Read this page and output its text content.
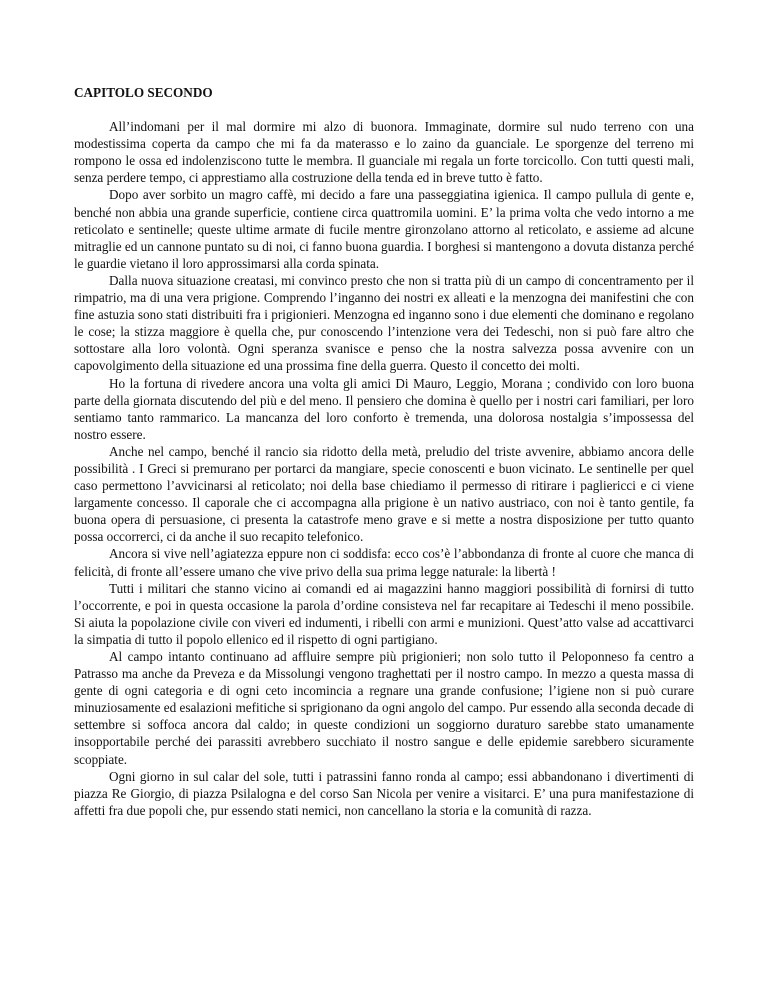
CAPITOLO SECONDO

All’indomani per il mal dormire mi alzo di buonora. Immaginate, dormire sul nudo terreno con una modestissima coperta da campo che mi fa da materasso e lo zaino da guanciale. Le sporgenze del terreno mi rompono le ossa ed indolenziscono tutte le membra. Il guanciale mi regala un forte torcicollo. Con tutti questi mali, senza perdere tempo, ci apprestiamo alla costruzione della tenda ed in breve tutto è fatto.

Dopo aver sorbito un magro caffè, mi decido a fare una passeggiatina igienica. Il campo pullula di gente e, benché non abbia una grande superficie, contiene circa quattromila uomini. E’ la prima volta che vedo intorno a me reticolato e sentinelle; queste ultime armate di fucile mentre gironzolano attorno al reticolato, e assieme ad alcune mitraglie ed un cannone puntato su di noi, ci fanno buona guardia. I borghesi si mantengono a dovuta distanza perché le guardie vietano il loro approssimarsi alla corda spinata.

Dalla nuova situazione creatasi, mi convinco presto che non si tratta più di un campo di concentramento per il rimpatrio, ma di una vera prigione. Comprendo l’inganno dei nostri ex alleati e la menzogna dei manifestini che con fine astuzia sono stati distribuiti fra i prigionieri. Menzogna ed inganno sono i due elementi che dominano e regolano le cose; la stizza maggiore è quella che, pur conoscendo l’intenzione vera dei Tedeschi, non si può fare altro che sottostare alla loro volontà. Ogni speranza svanisce e penso che la nostra salvezza possa avvenire con un capovolgimento della situazione ed una prossima fine della guerra. Questo il concetto dei molti.

Ho la fortuna di rivedere ancora una volta gli amici Di Mauro, Leggio, Morana ; condivido con loro buona parte della giornata discutendo del più e del meno. Il pensiero che domina è quello per i nostri cari familiari, per loro sentiamo tanto rammarico. La mancanza del loro conforto è tremenda, una dolorosa nostalgia s’impossessa del nostro essere.

Anche nel campo, benché il rancio sia ridotto della metà, preludio del triste avvenire, abbiamo ancora delle possibilità . I Greci si premurano per portarci da mangiare, specie conoscenti e buon vicinato. Le sentinelle per quel caso permettono l’avvicinarsi al reticolato; noi della base chiediamo il permesso di ritirare i pagliericci e ci viene largamente concesso. Il caporale che ci accompagna alla prigione è un nativo austriaco, con noi è tanto gentile, fa buona opera di persuasione, ci presenta la catastrofe meno grave e si mette a nostra disposizione per tutto quanto possa occorrerci, ci da anche il suo recapito telefonico.

Ancora si vive nell’agiatezza eppure non ci soddisfa: ecco cos’è l’abbondanza di fronte al cuore che manca di felicità, di fronte all’essere umano che vive privo della sua prima legge naturale: la libertà !

Tutti i militari che stanno vicino ai comandi ed ai magazzini hanno maggiori possibilità di fornirsi di tutto l’occorrente, e poi in questa occasione la parola d’ordine consisteva nel far recapitare ai Tedeschi il meno possibile. Si aiuta la popolazione civile con viveri ed indumenti, i ribelli con armi e munizioni. Quest’atto valse ad accattivarci la simpatia di tutto il popolo ellenico ed il rispetto di ogni partigiano.

Al campo intanto continuano ad affluire sempre più prigionieri; non solo tutto il Peloponneso fa centro a Patrasso ma anche da Preveza e da Missolungi vengono traghettati per il nostro campo. In mezzo a questa massa di gente di ogni categoria e di ogni ceto incomincia a regnare una grande confusione; l’igiene non si può curare minuziosamente ed esalazioni mefitiche si sprigionano da ogni angolo del campo. Pur essendo alla seconda decade di settembre si soffoca ancora dal caldo; in queste condizioni un soggiorno duraturo sarebbe stato umanamente insopportabile perché dei parassiti avrebbero succhiato il nostro sangue e delle epidemie sarebbero sicuramente scoppiate.

Ogni giorno in sul calar del sole, tutti i patrassini fanno ronda al campo; essi abbandonano i divertimenti di piazza Re Giorgio, di piazza Psilalogna e del corso San Nicola per venire a visitarci. E’ una pura manifestazione di affetti fra due popoli che, pur essendo stati nemici, non cancellano la storia e la comunità di razza.
